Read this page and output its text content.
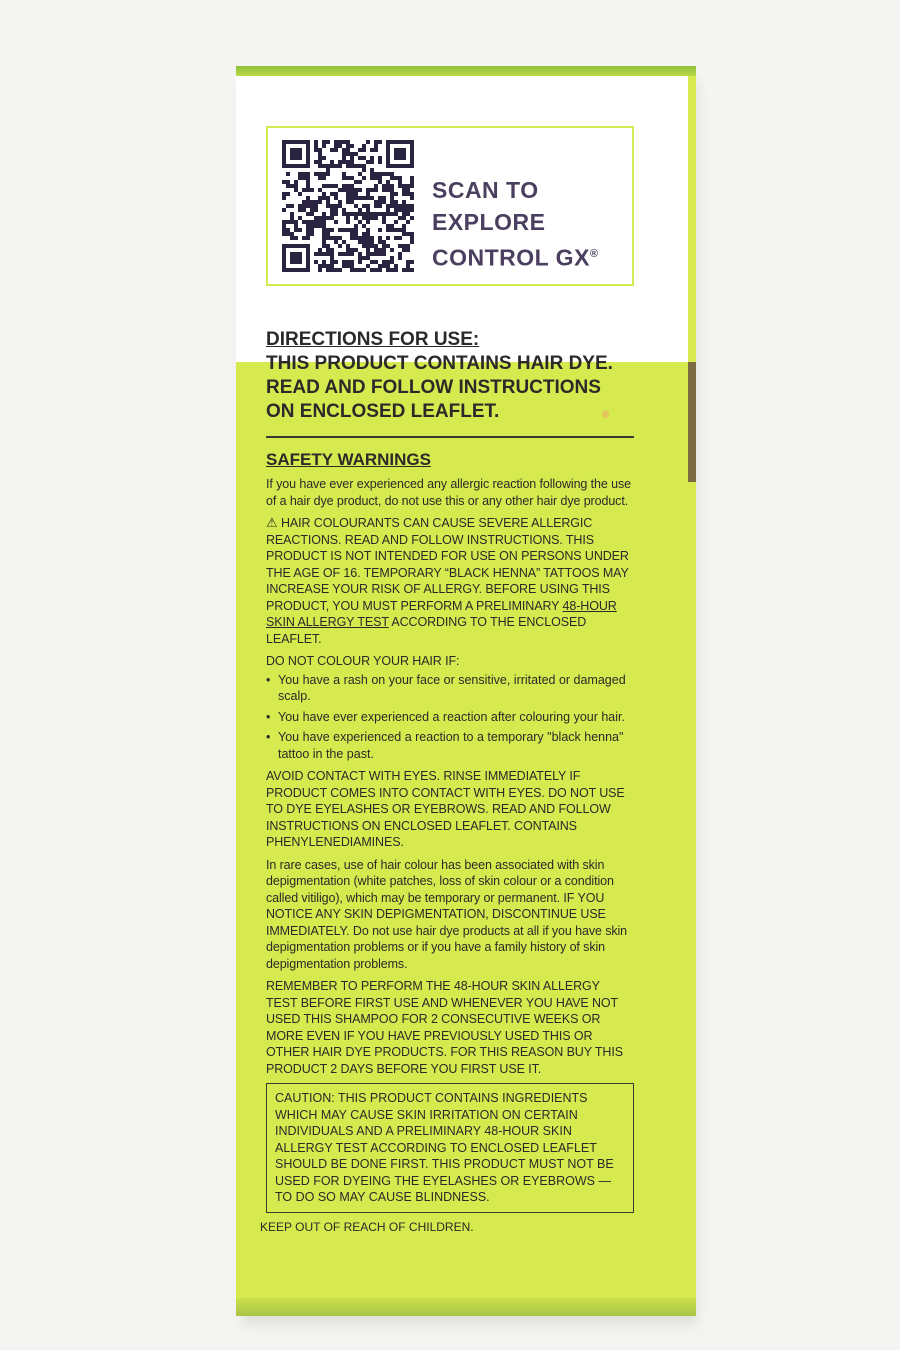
SCAN TO
EXPLORE
CONTROL GX®

DIRECTIONS FOR USE:

THIS PRODUCT CONTAINS HAIR DYE.

READ AND FOLLOW INSTRUCTIONS

ON ENCLOSED LEAFLET.

SAFETY WARNINGS

If you have ever experienced any allergic reaction following the use of a hair dye product, do not use this or any other hair dye product.

⚠ HAIR COLOURANTS CAN CAUSE SEVERE ALLERGIC REACTIONS. READ AND FOLLOW INSTRUCTIONS. THIS PRODUCT IS NOT INTENDED FOR USE ON PERSONS UNDER THE AGE OF 16. TEMPORARY “BLACK HENNA” TATTOOS MAY INCREASE YOUR RISK OF ALLERGY. BEFORE USING THIS PRODUCT, YOU MUST PERFORM A PRELIMINARY 48-HOUR SKIN ALLERGY TEST ACCORDING TO THE ENCLOSED LEAFLET.

DO NOT COLOUR YOUR HAIR IF:

• You have a rash on your face or sensitive, irritated or damaged scalp.
• You have ever experienced a reaction after colouring your hair.
• You have experienced a reaction to a temporary "black henna" tattoo in the past.

AVOID CONTACT WITH EYES. RINSE IMMEDIATELY IF PRODUCT COMES INTO CONTACT WITH EYES. DO NOT USE TO DYE EYELASHES OR EYEBROWS. READ AND FOLLOW INSTRUCTIONS ON ENCLOSED LEAFLET. CONTAINS PHENYLENEDIAMINES.

In rare cases, use of hair colour has been associated with skin depigmentation (white patches, loss of skin colour or a condition called vitiligo), which may be temporary or permanent. IF YOU NOTICE ANY SKIN DEPIGMENTATION, DISCONTINUE USE IMMEDIATELY. Do not use hair dye products at all if you have skin depigmentation problems or if you have a family history of skin depigmentation problems.

REMEMBER TO PERFORM THE 48-HOUR SKIN ALLERGY TEST BEFORE FIRST USE AND WHENEVER YOU HAVE NOT USED THIS SHAMPOO FOR 2 CONSECUTIVE WEEKS OR MORE EVEN IF YOU HAVE PREVIOUSLY USED THIS OR OTHER HAIR DYE PRODUCTS. FOR THIS REASON BUY THIS PRODUCT 2 DAYS BEFORE YOU FIRST USE IT.

CAUTION: THIS PRODUCT CONTAINS INGREDIENTS WHICH MAY CAUSE SKIN IRRITATION ON CERTAIN INDIVIDUALS AND A PRELIMINARY 48-HOUR SKIN ALLERGY TEST ACCORDING TO ENCLOSED LEAFLET SHOULD BE DONE FIRST. THIS PRODUCT MUST NOT BE USED FOR DYEING THE EYELASHES OR EYEBROWS — TO DO SO MAY CAUSE BLINDNESS.

KEEP OUT OF REACH OF CHILDREN.
